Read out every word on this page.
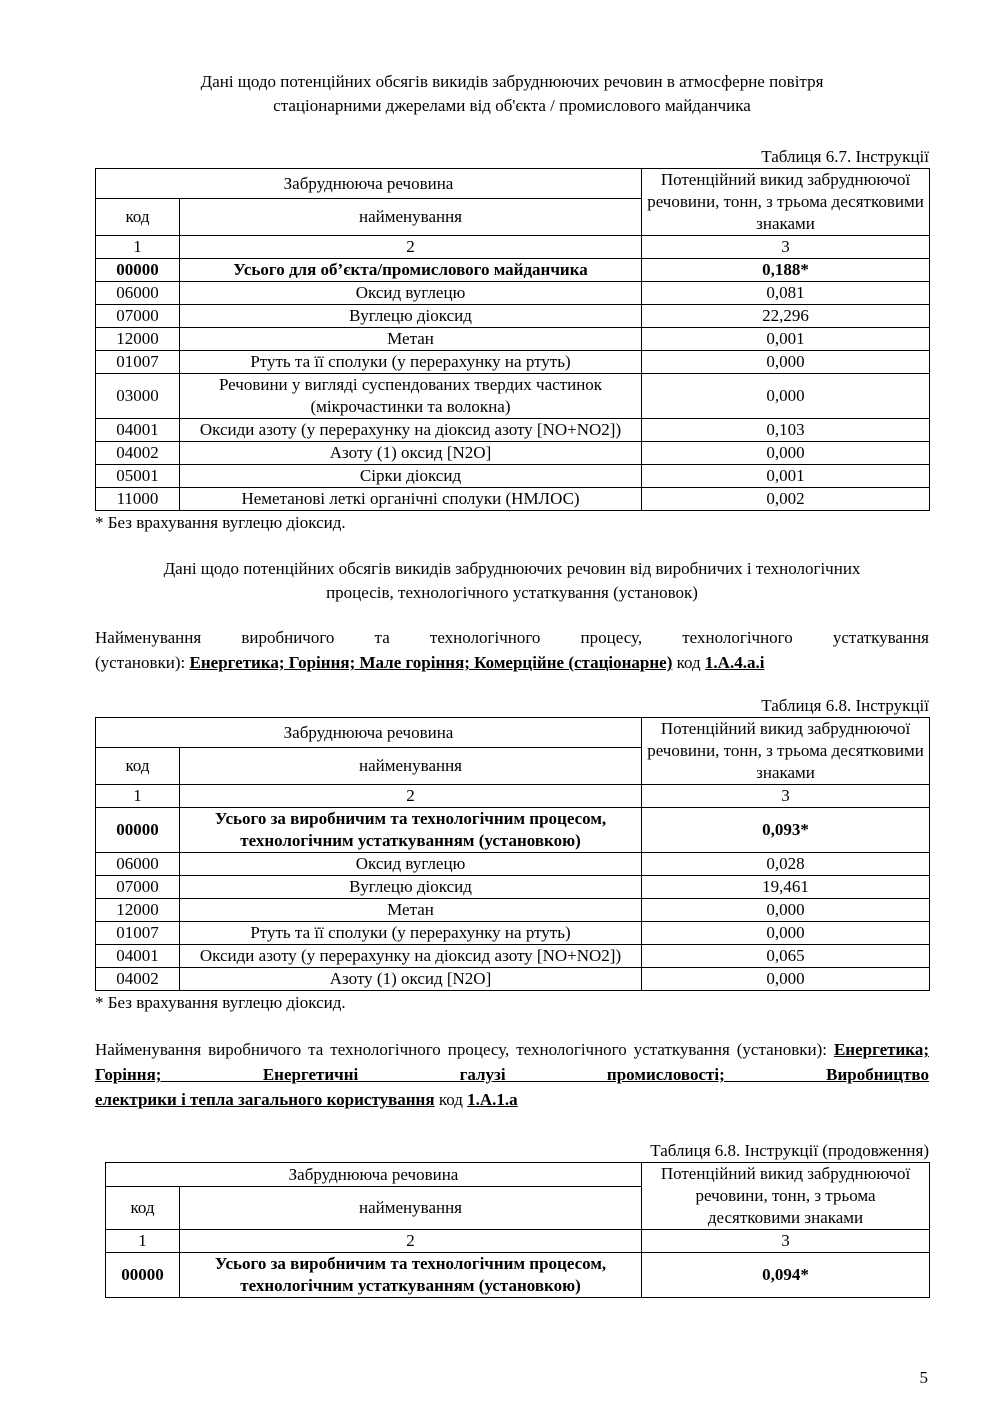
Дані щодо потенційних обсягів викидів забруднюючих речовин в атмосферне повітря
стаціонарними джерелами від об'єкта / промислового майданчика

Таблиця 6.7. Інструкції

Забруднююча речовина		Потенційний викид забруднюючої речовини, тонн, з трьома десятковими знаками
код	найменування	
1	2	3
00000	Усього для об’єкта/промислового майданчика	0,188*
06000	Оксид вуглецю	0,081
07000	Вуглецю діоксид	22,296
12000	Метан	0,001
01007	Ртуть та її сполуки (у перерахунку на ртуть)	0,000
03000	Речовини у вигляді суспендованих твердих частинок (мікрочастинки та волокна)	0,000
04001	Оксиди азоту (у перерахунку на діоксид азоту [NO+NO2])	0,103
04002	Азоту (1) оксид [N2O]	0,000
05001	Сірки діоксид	0,001
11000	Неметанові леткі органічні сполуки (НМЛОС)	0,002

* Без врахування вуглецю діоксид.

Дані щодо потенційних обсягів викидів забруднюючих речовин від виробничих і технологічних
процесів, технологічного устаткування (установок)

Найменування виробничого та технологічного процесу, технологічного устаткування
(установки): Енергетика; Горіння; Мале горіння; Комерційне (стаціонарне) код 1.А.4.а.і

Таблиця 6.8. Інструкції

Забруднююча речовина		Потенційний викид забруднюючої речовини, тонн, з трьома десятковими знаками
код	найменування	
1	2	3
00000	Усього за виробничим та технологічним процесом, технологічним устаткуванням (установкою)	0,093*
06000	Оксид вуглецю	0,028
07000	Вуглецю діоксид	19,461
12000	Метан	0,000
01007	Ртуть та її сполуки (у перерахунку на ртуть)	0,000
04001	Оксиди азоту (у перерахунку на діоксид азоту [NO+NO2])	0,065
04002	Азоту (1) оксид [N2O]	0,000

* Без врахування вуглецю діоксид.

Найменування виробничого та технологічного процесу, технологічного устаткування (установки): Енергетика; Горіння; Енергетичні галузі промисловості; Виробництво
електрики і тепла загального користування код 1.А.1.а

Таблиця 6.8. Інструкції (продовження)

Забруднююча речовина		Потенційний викид забруднюючої речовини, тонн, з трьома десятковими знаками
код	найменування	
1	2	3
00000	Усього за виробничим та технологічним процесом, технологічним устаткуванням (установкою)	0,094*
5
